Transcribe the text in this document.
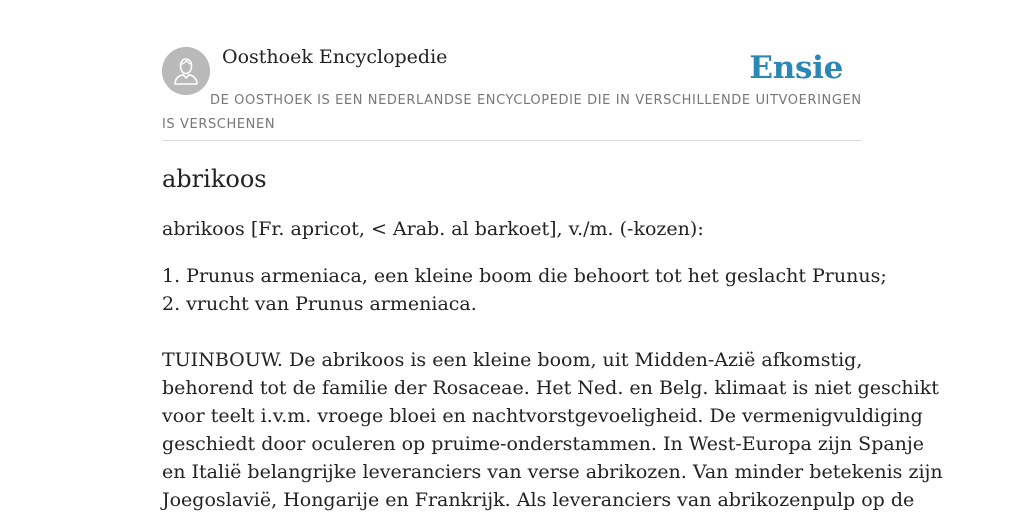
Oosthoek Encyclopedie	Ensie
DE OOSTHOEK IS EEN NEDERLANDSE ENCYCLOPEDIE DIE IN VERSCHILLENDE UITVOERINGEN IS VERSCHENEN
abrikoos

abrikoos [Fr. apricot, < Arab. al barkoet], v./m. (-kozen):

1. Prunus armeniaca, een kleine boom die behoort tot het geslacht Prunus;
2. vrucht van Prunus armeniaca.

TUINBOUW. De abrikoos is een kleine boom, uit Midden-Azië afkomstig,
behorend tot de familie der Rosaceae. Het Ned. en Belg. klimaat is niet geschikt
voor teelt i.v.m. vroege bloei en nachtvorstgevoeligheid. De vermenigvuldiging
geschiedt door oculeren op pruime-onderstammen. In West-Europa zijn Spanje
en Italië belangrijke leveranciers van verse abrikozen. Van minder betekenis zijn
Joegoslavië, Hongarije en Frankrijk. Als leveranciers van abrikozenpulp op de
